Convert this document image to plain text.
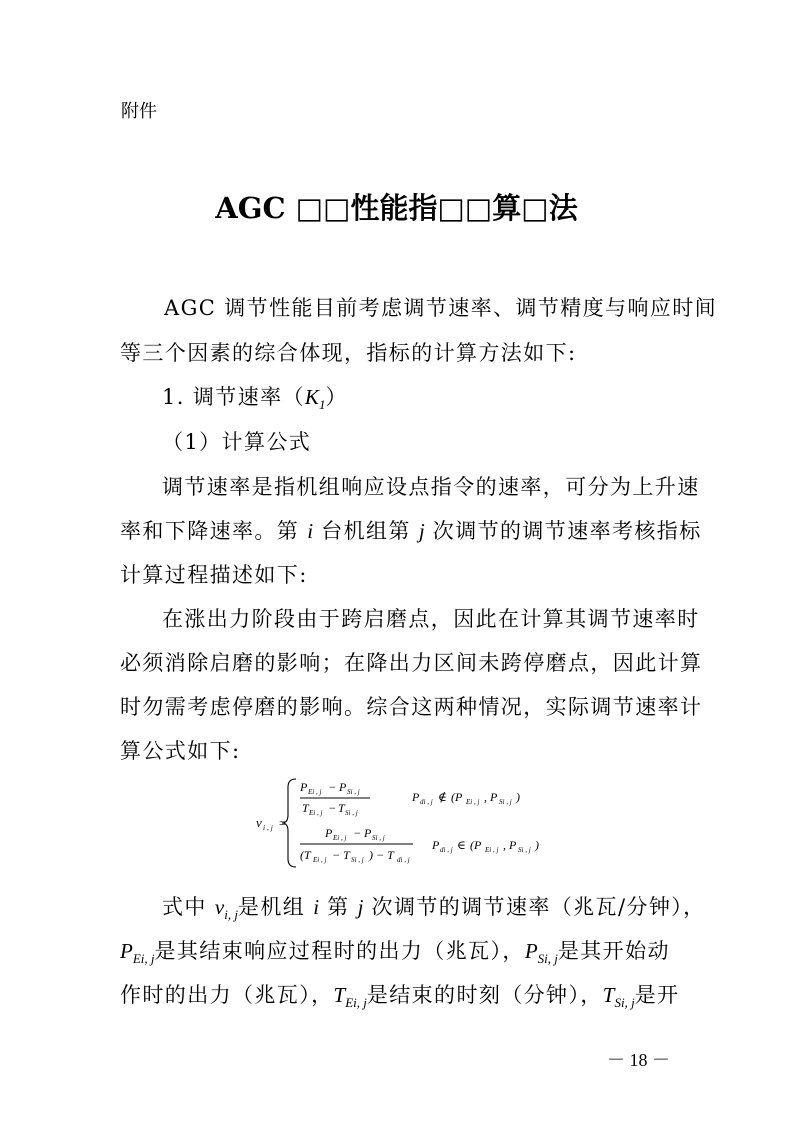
附件
AGC □□性能指□□算□法
AGC 调节性能目前考虑调节速率、调节精度与响应时间
等三个因素的综合体现，指标的计算方法如下:
1. 调节速率$(K_1)$
（1）计算公式
调节速率是指机组响应设点指令的速率，可分为上升速
率和下降速率。第 i 台机组第 j 次调节的调节速率考核指标
计算过程描述如下:
在涨出力阶段由于跨启磨点，因此在计算其调节速率时
必须消除启磨的影响；在降出力区间未跨停磨点，因此计算
时勿需考虑停磨的影响。综合这两种情况，实际调节速率计
算公式如下:
v i , j =
P Ei , j − P Si , j
T Ei , j − T Si , j
P di , j ∉ (P Ei , j , P Si , j )
P Ei , j − P Si , j
(T Ei , j − T Si , j ) − T di , j
P di , j ∈ (P Ei , j , P Si , j )
式中 $v_{i, j}$是机组 i 第 j 次调节的调节速率（兆瓦/分钟），
$P_{Ei, j}$是其结束响应过程时的出力（兆瓦），$P_{Si, j}$是其开始动
作时的出力（兆瓦），$T_{Ei, j}$是结束的时刻（分钟），$T_{Si, j}$是开
－ 18 －
